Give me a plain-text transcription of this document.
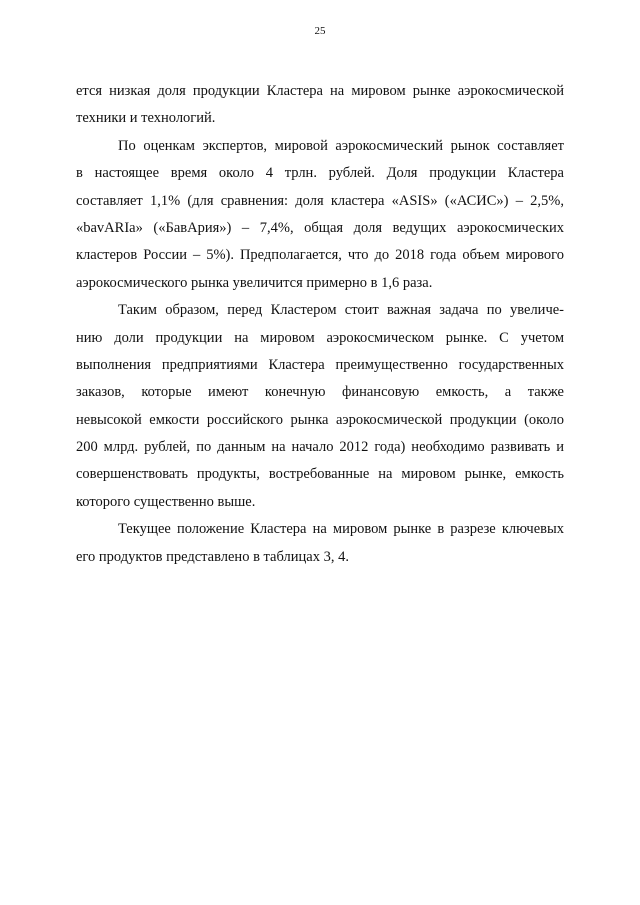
25
ется низкая доля продукции Кластера на мировом рынке аэрокосмической
техники и технологий.
По оценкам экспертов, мировой аэрокосмический рынок составляет
в настоящее время около 4 трлн. рублей. Доля продукции Кластера
составляет 1,1% (для сравнения: доля кластера «ASIS» («АСИС») – 2,5%,
«bavARIa» («БавАрия») – 7,4%, общая доля ведущих аэрокосмических
кластеров России – 5%). Предполагается, что до 2018 года объем мирового
аэрокосмического рынка увеличится примерно в 1,6 раза.
Таким образом, перед Кластером стоит важная задача по увеличе-
нию доли продукции на мировом аэрокосмическом рынке. С учетом
выполнения предприятиями Кластера преимущественно государственных
заказов, которые имеют конечную финансовую емкость, а также
невысокой емкости российского рынка аэрокосмической продукции (около
200 млрд. рублей, по данным на начало 2012 года) необходимо развивать и
совершенствовать продукты, востребованные на мировом рынке, емкость
которого существенно выше.
Текущее положение Кластера на мировом рынке в разрезе ключевых
его продуктов представлено в таблицах 3, 4.
